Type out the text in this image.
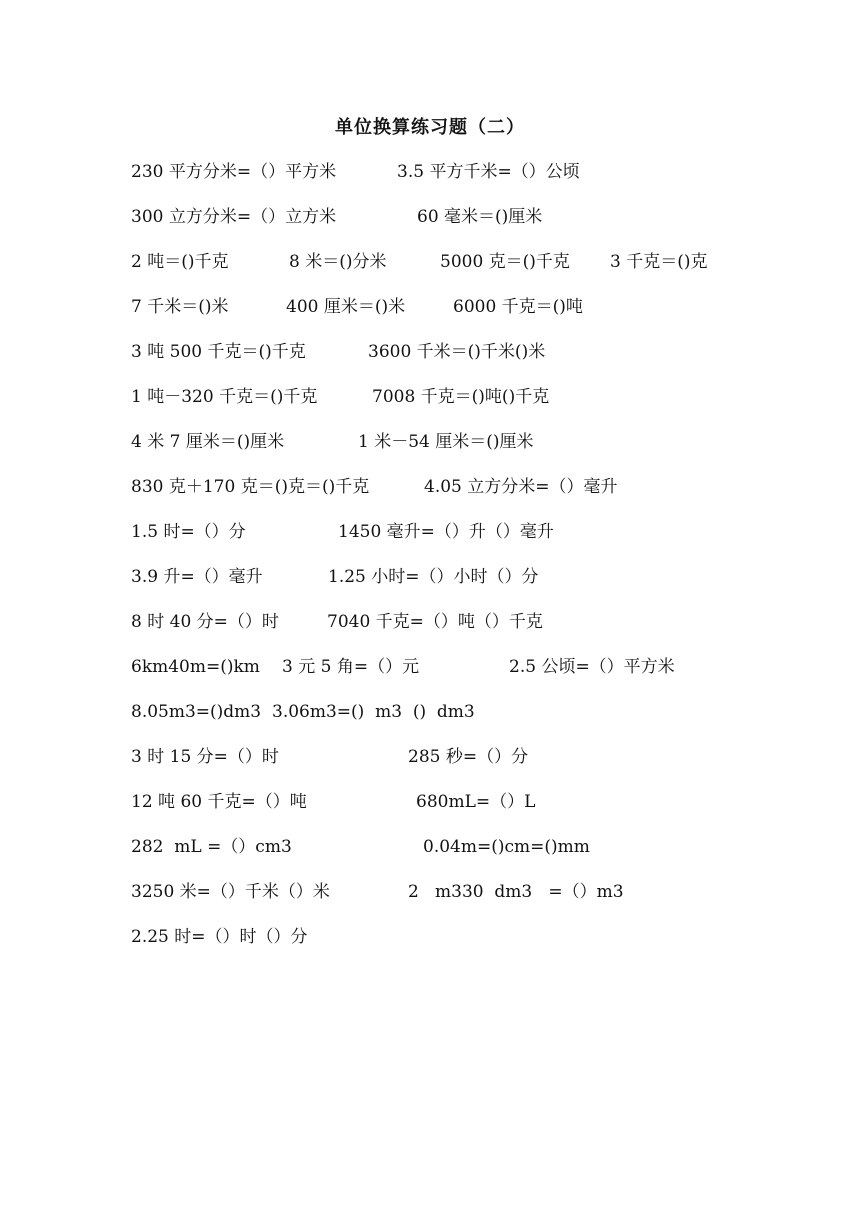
单位换算练习题（二）
230 平方分米=（）平方米	3.5 平方千米=（）公顷
300 立方分米=（）立方米	60 毫米＝()厘米
2 吨＝()千克	8 米＝()分米	5000 克＝()千克 3 千克＝()克
7 千米＝()米	400 厘米＝()米	6000 千克＝()吨
3 吨 500 千克＝()千克	3600 千米＝()千米()米
1 吨－320 千克＝()千克	7008 千克＝()吨()千克
4 米 7 厘米＝()厘米	1 米－54 厘米＝()厘米
830 克＋170 克＝()克＝()千克	4.05 立方分米=（）毫升
1.5 时=（）分	1450 毫升=（）升（）毫升
3.9 升=（）毫升	1.25 小时=（）小时（）分
8 时 40 分=（）时	7040 千克=（）吨（）千克
6km40m=()km 3 元 5 角=（）元	2.5 公顷=（）平方米
8.05m3=()dm3 3.06m3=()  m3  ()  dm3
3 时 15 分=（）时	285 秒=（）分
12 吨 60 千克=（）吨	680mL=（）L
282  mL =（）cm3	0.04m=()cm=()mm
3250 米=（）千米（）米	2   m330  dm3   =（）m3
2.25 时=（）时（）分
